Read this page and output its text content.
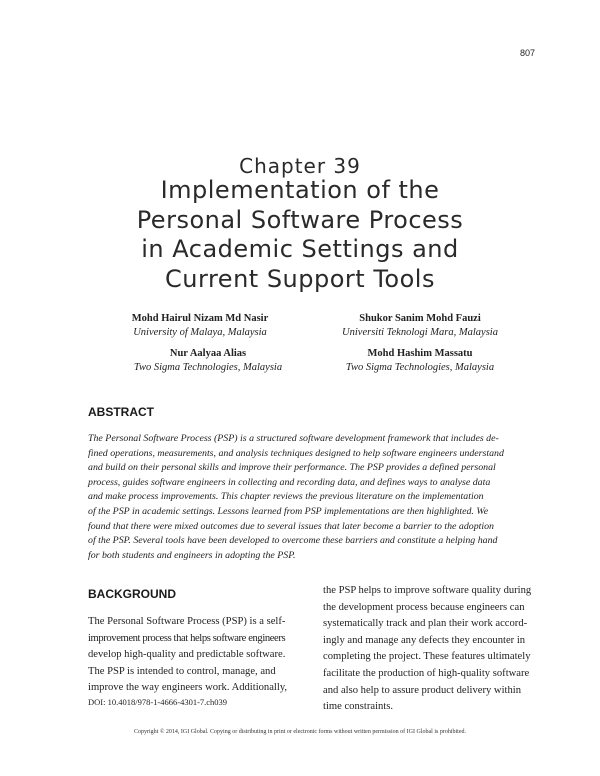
807
Chapter 39
Implementation of the
Personal Software Process
in Academic Settings and
Current Support Tools
Mohd Hairul Nizam Md Nasir
University of Malaya, Malaysia
Shukor Sanim Mohd Fauzi
Universiti Teknologi Mara, Malaysia
Nur Aalyaa Alias
Two Sigma Technologies, Malaysia
Mohd Hashim Massatu
Two Sigma Technologies, Malaysia
ABSTRACT
The Personal Software Process (PSP) is a structured software development framework that includes de-
fined operations, measurements, and analysis techniques designed to help software engineers understand
and build on their personal skills and improve their performance. The PSP provides a defined personal
process, guides software engineers in collecting and recording data, and defines ways to analyse data
and make process improvements. This chapter reviews the previous literature on the implementation
of the PSP in academic settings. Lessons learned from PSP implementations are then highlighted. We
found that there were mixed outcomes due to several issues that later become a barrier to the adoption
of the PSP. Several tools have been developed to overcome these barriers and constitute a helping hand
for both students and engineers in adopting the PSP.
BACKGROUND
The Personal Software Process (PSP) is a self-
improvement process that helps software engineers
develop high-quality and predictable software.
The PSP is intended to control, manage, and
improve the way engineers work. Additionally,
the PSP helps to improve software quality during
the development process because engineers can
systematically track and plan their work accord-
ingly and manage any defects they encounter in
completing the project. These features ultimately
facilitate the production of high-quality software
and also help to assure product delivery within
time constraints.
DOI: 10.4018/978-1-4666-4301-7.ch039
Copyright © 2014, IGI Global. Copying or distributing in print or electronic forms without written permission of IGI Global is prohibited.
